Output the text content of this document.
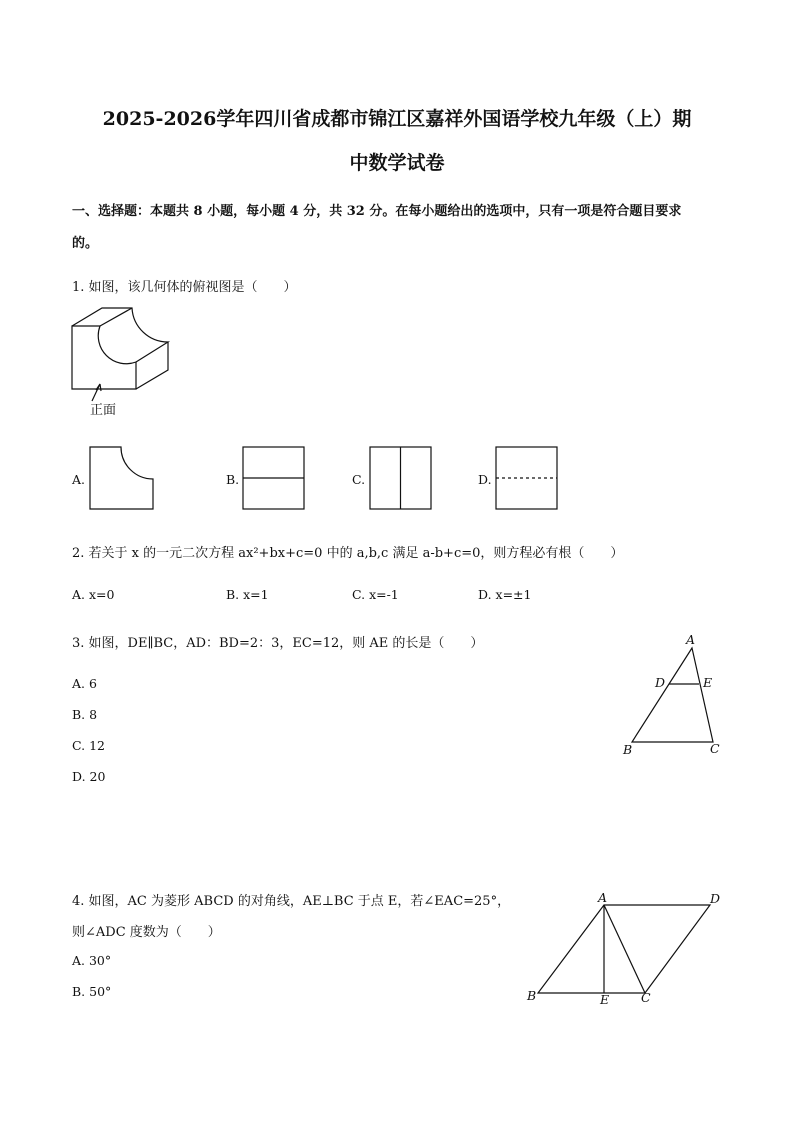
2025-2026学年四川省成都市锦江区嘉祥外国语学校九年级（上）期
中数学试卷
一、选择题：本题共 8 小题，每小题 4 分，共 32 分。在每小题给出的选项中，只有一项是符合题目要求
的。
1. 如图，该几何体的俯视图是（　　）
正面
A.	B.	C.	D.
2. 若关于 x 的一元二次方程 ax²+bx+c=0 中的 a,b,c 满足 a-b+c=0，则方程必有根（　　）
A. x=0	B. x=1	C. x=-1	D. x=±1
3. 如图，DE∥BC，AD：BD=2：3，EC=12，则 AE 的长是（　　）
A. 6
B. 8
C. 12
D. 20
A
D	E
B	C
4. 如图，AC 为菱形 ABCD 的对角线，AE⊥BC 于点 E，若∠EAC=25°，
则∠ADC 度数为（　　）
A. 30°
B. 50°
A	D
B	E	C
